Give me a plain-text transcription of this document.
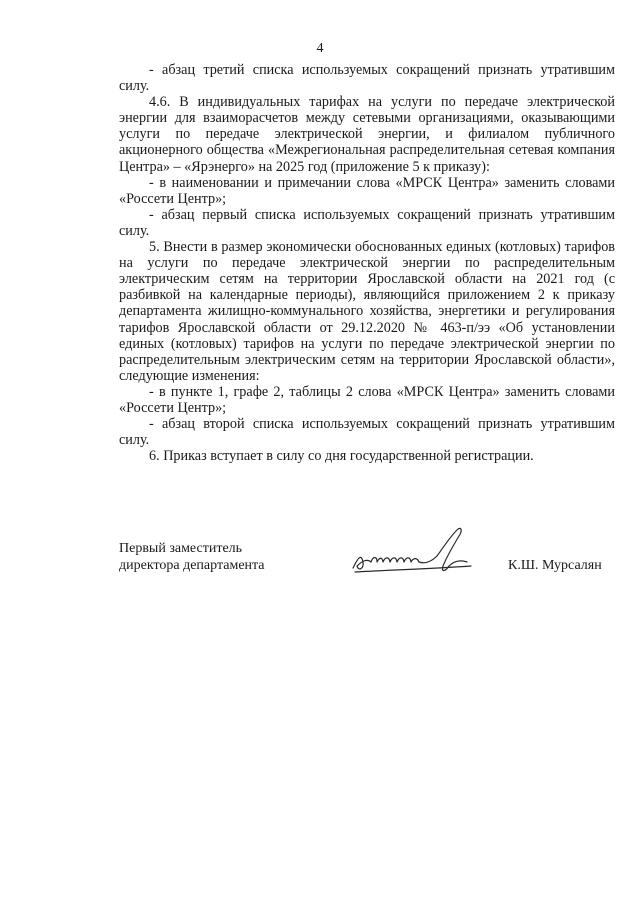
4

- абзац третий списка используемых сокращений признать утратившим силу.

4.6. В индивидуальных тарифах на услуги по передаче электрической энергии для взаиморасчетов между сетевыми организациями, оказывающими услуги по передаче электрической энергии, и филиалом публичного акционерного общества «Межрегиональная распределительная сетевая компания Центра» – «Ярэнерго» на 2025 год (приложение 5 к приказу):

- в наименовании и примечании слова «МРСК Центра» заменить словами «Россети Центр»;

- абзац первый списка используемых сокращений признать утратившим силу.

5. Внести в размер экономически обоснованных единых (котловых) тарифов на услуги по передаче электрической энергии по распределительным электрическим сетям на территории Ярославской области на 2021 год (с разбивкой на календарные периоды), являющийся приложением 2 к приказу департамента жилищно-коммунального хозяйства, энергетики и регулирования тарифов Ярославской области от 29.12.2020 № 463-п/ээ «Об установлении единых (котловых) тарифов на услуги по передаче электрической энергии по распределительным электрическим сетям на территории Ярославской области», следующие изменения:

- в пункте 1, графе 2, таблицы 2 слова «МРСК Центра» заменить словами «Россети Центр»;

- абзац второй списка используемых сокращений признать утратившим силу.

6. Приказ вступает в силу со дня государственной регистрации.

Первый заместитель
директора департамента	К.Ш. Мурсалян
